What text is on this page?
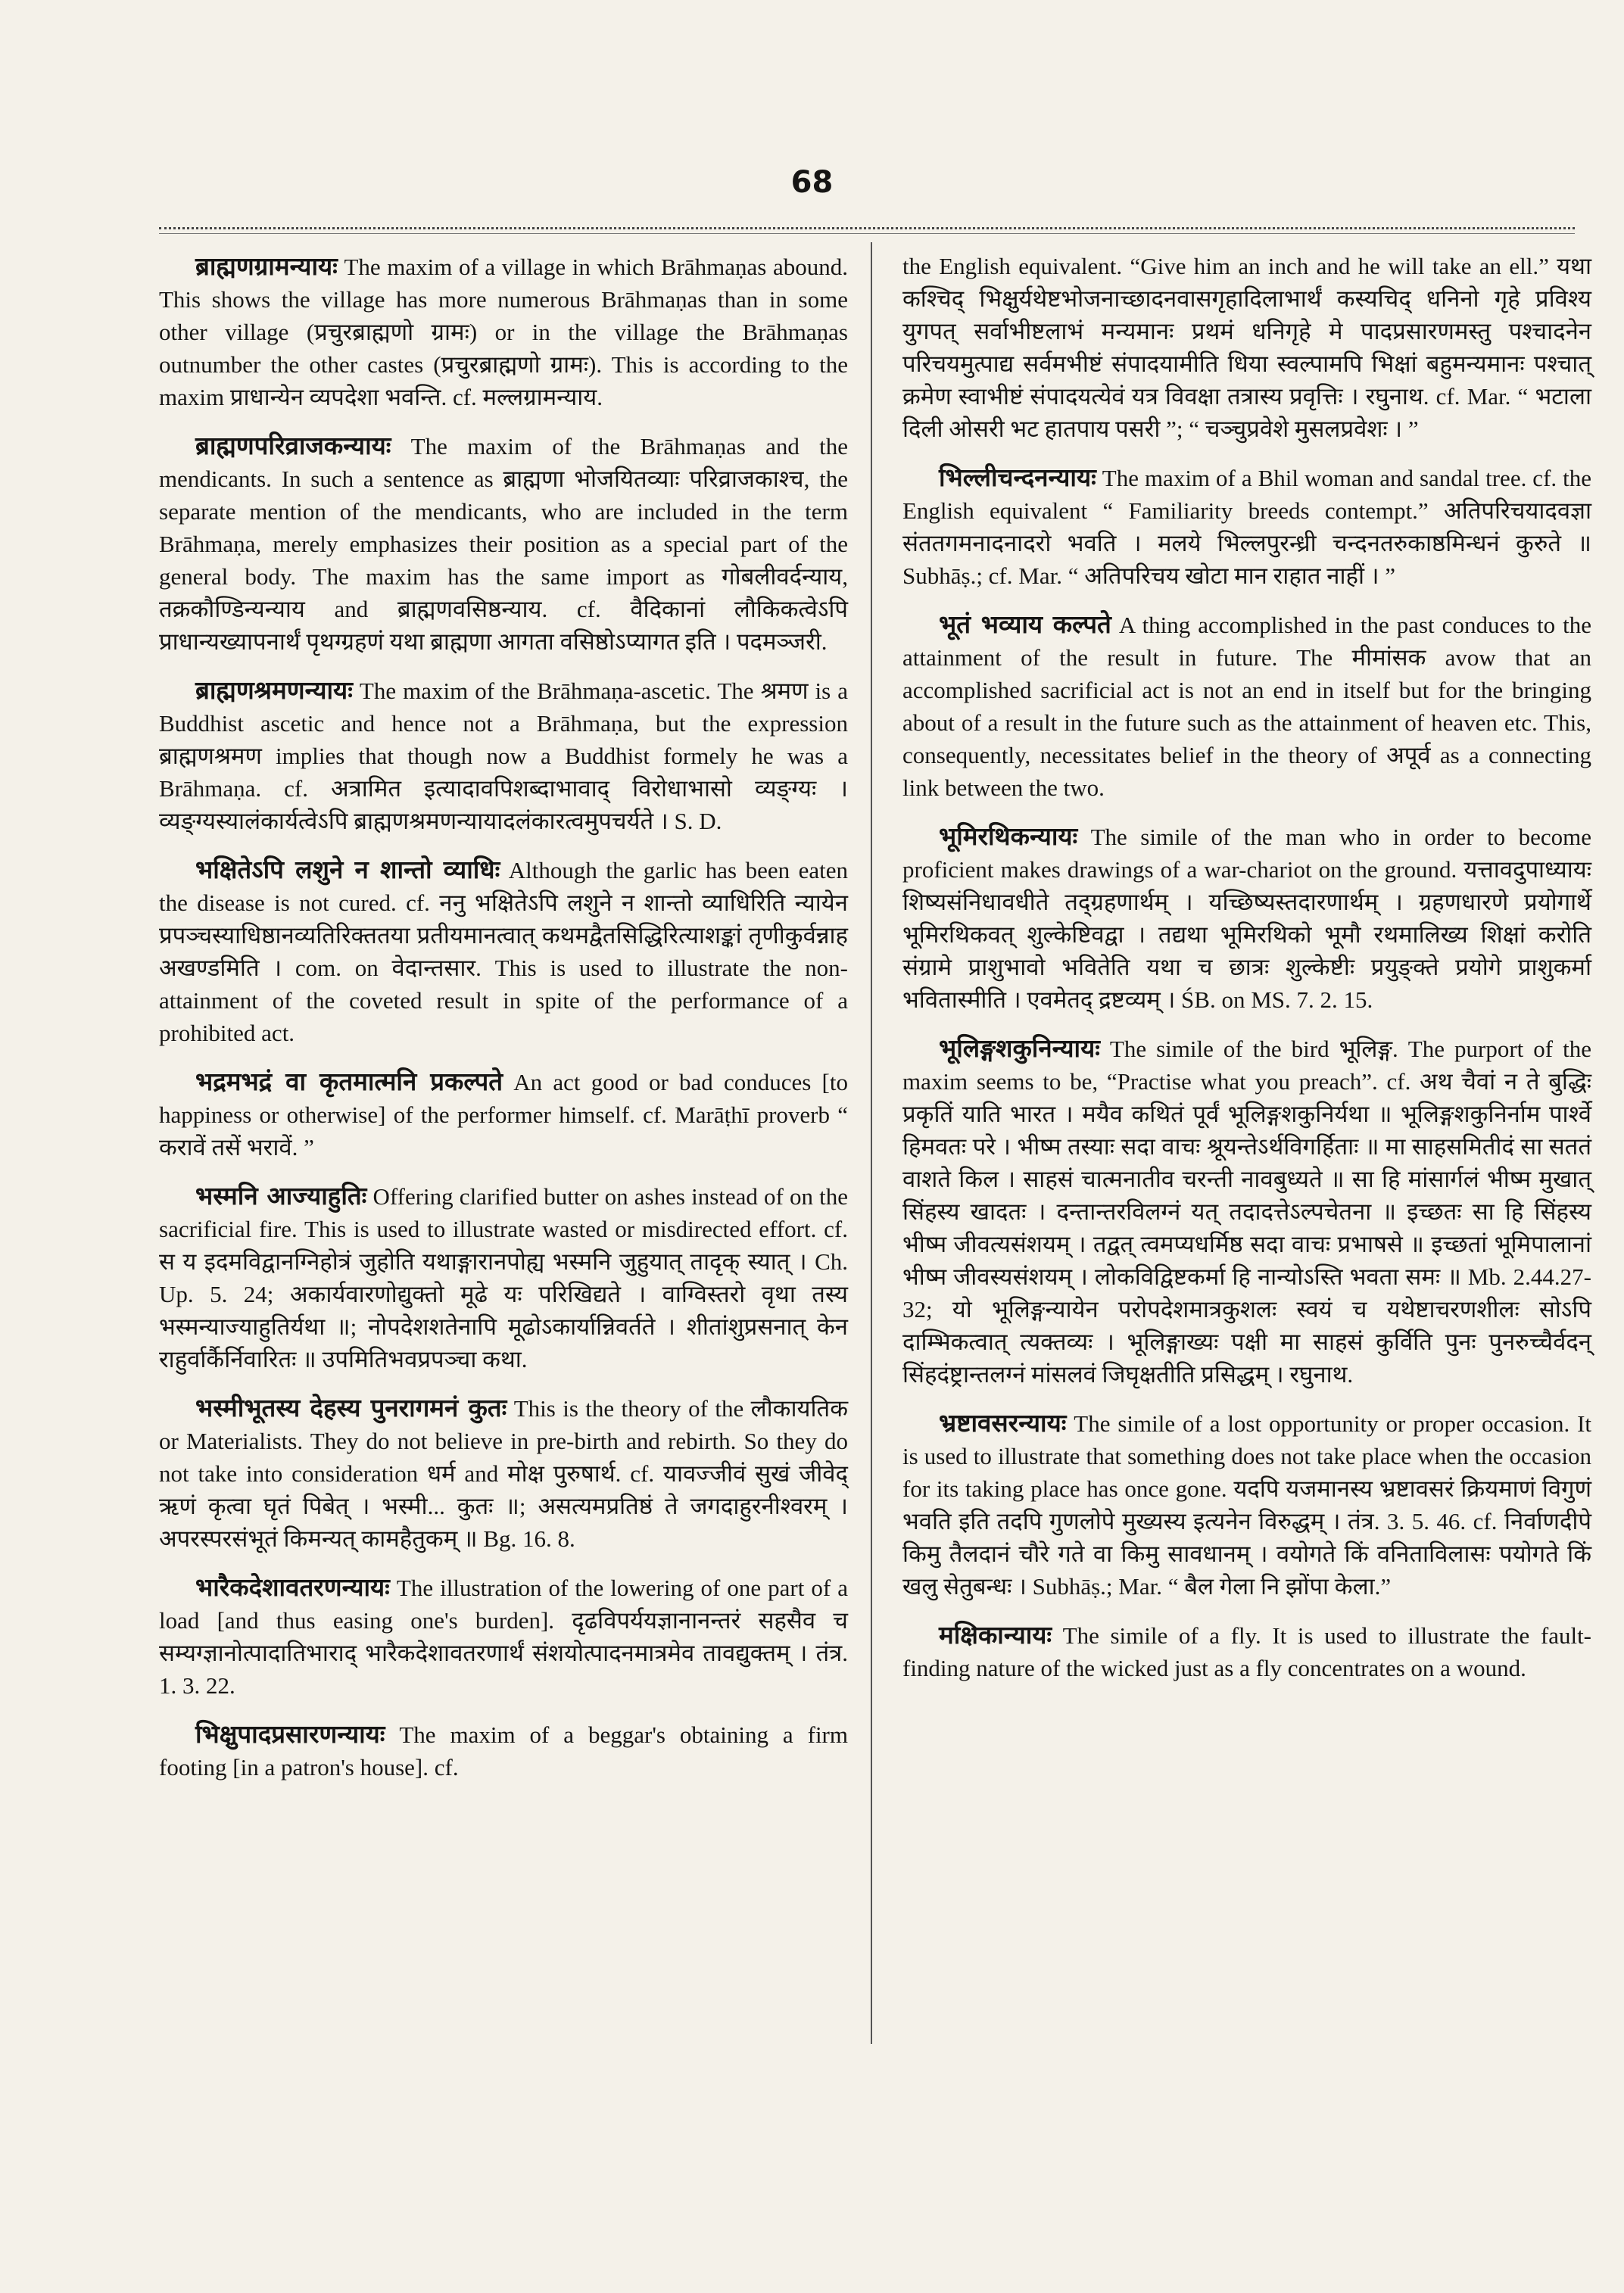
68

ब्राह्मणग्रामन्यायः The maxim of a village in which Brāhmaṇas abound. This shows the village has more numerous Brāhmaṇas than in some other village (प्रचुरब्राह्मणो ग्रामः) or in the village the Brāhmaṇas outnumber the other castes (प्रचुरब्राह्मणो ग्रामः). This is according to the maxim प्राधान्येन व्यपदेशा भवन्ति. cf. मल्लग्रामन्याय.

ब्राह्मणपरिव्राजकन्यायः The maxim of the Brāhmaṇas and the mendicants. In such a sentence as ब्राह्मणा भोजयितव्याः परिव्राजकाश्च, the separate mention of the mendicants, who are included in the term Brāhmaṇa, merely emphasizes their position as a special part of the general body. The maxim has the same import as गोबलीवर्दन्याय, तक्रकौण्डिन्यन्याय and ब्राह्मणवसिष्ठन्याय. cf. वैदिकानां लौकिकत्वेऽपि प्राधान्यख्यापनार्थं पृथग्ग्रहणं यथा ब्राह्मणा आगता वसिष्ठोऽप्यागत इति । पदमञ्जरी.

ब्राह्मणश्रमणन्यायः The maxim of the Brāhmaṇa-ascetic. The श्रमण is a Buddhist ascetic and hence not a Brāhmaṇa, but the expression ब्राह्मणश्रमण implies that though now a Buddhist formely he was a Brāhmaṇa. cf. अत्रामित इत्यादावपिशब्दाभावाद् विरोधाभासो व्यङ्ग्यः । व्यङ्ग्यस्यालंकार्यत्वेऽपि ब्राह्मणश्रमणन्यायादलंकारत्वमुपचर्यते । S. D.

भक्षितेऽपि लशुने न शान्तो व्याधिः Although the garlic has been eaten the disease is not cured. cf. ननु भक्षितेऽपि लशुने न शान्तो व्याधिरिति न्यायेन प्रपञ्चस्याधिष्ठानव्यतिरिक्ततया प्रतीयमानत्वात् कथमद्वैतसिद्धिरित्याशङ्कां तृणीकुर्वन्नाह अखण्डमिति । com. on वेदान्तसार. This is used to illustrate the non-attainment of the coveted result in spite of the performance of a prohibited act.

भद्रमभद्रं वा कृतमात्मनि प्रकल्पते An act good or bad conduces [to happiness or otherwise] of the performer himself. cf. Marāṭhī proverb “ करावें तसें भरावें. ”

भस्मनि आज्याहुतिः Offering clarified butter on ashes instead of on the sacrificial fire. This is used to illustrate wasted or misdirected effort. cf. स य इदमविद्वानग्निहोत्रं जुहोति यथाङ्गारानपोह्य भस्मनि जुहुयात् तादृक् स्यात् । Ch. Up. 5. 24; अकार्यवारणोद्युक्तो मूढे यः परिखिद्यते । वाग्विस्तरो वृथा तस्य भस्मन्याज्याहुतिर्यथा ॥; नोपदेशशतेनापि मूढोऽकार्यान्निवर्तते । शीतांशुप्रसनात् केन राहुर्वार्कैर्निवारितः ॥ उपमितिभवप्रपञ्चा कथा.

भस्मीभूतस्य देहस्य पुनरागमनं कुतः This is the theory of the लौकायतिक or Materialists. They do not believe in pre-birth and rebirth. So they do not take into consideration धर्म and मोक्ष पुरुषार्थ. cf. यावज्जीवं सुखं जीवेद् ऋणं कृत्वा घृतं पिबेत् । भस्मी... कुतः ॥; असत्यमप्रतिष्ठं ते जगदाहुरनीश्वरम् । अपरस्परसंभूतं किमन्यत् कामहैतुकम् ॥ Bg. 16. 8.

भारैकदेशावतरणन्यायः The illustration of the lowering of one part of a load [and thus easing one's burden]. दृढविपर्ययज्ञानानन्तरं सहसैव च सम्यग्ज्ञानोत्पादातिभाराद् भारैकदेशावतरणार्थं संशयोत्पादनमात्रमेव तावद्युक्तम् । तंत्र. 1. 3. 22.

भिक्षुपादप्रसारणन्यायः The maxim of a beggar's obtaining a firm footing [in a patron's house]. cf.

the English equivalent. “Give him an inch and he will take an ell.” यथा कश्चिद् भिक्षुर्यथेष्टभोजनाच्छादनवासगृहादिलाभार्थं कस्यचिद् धनिनो गृहे प्रविश्य युगपत् सर्वाभीष्टलाभं मन्यमानः प्रथमं धनिगृहे मे पादप्रसारणमस्तु पश्चादनेन परिचयमुत्पाद्य सर्वमभीष्टं संपादयामीति धिया स्वल्पामपि भिक्षां बहुमन्यमानः पश्चात् क्रमेण स्वाभीष्टं संपादयत्येवं यत्र विवक्षा तत्रास्य प्रवृत्तिः । रघुनाथ. cf. Mar. “ भटाला दिली ओसरी भट हातपाय पसरी ”; “ चञ्चुप्रवेशे मुसलप्रवेशः । ”

भिल्लीचन्दनन्यायः The maxim of a Bhil woman and sandal tree. cf. the English equivalent “ Familiarity breeds contempt.” अतिपरिचयादवज्ञा संततगमनादनादरो भवति । मलये भिल्लपुरन्ध्री चन्दनतरुकाष्ठमिन्धनं कुरुते ॥ Subhāṣ.; cf. Mar. “ अतिपरिचय खोटा मान राहात नाहीं । ”

भूतं भव्याय कल्पते A thing accomplished in the past conduces to the attainment of the result in future. The मीमांसक avow that an accomplished sacrificial act is not an end in itself but for the bringing about of a result in the future such as the attainment of heaven etc. This, consequently, necessitates belief in the theory of अपूर्व as a connecting link between the two.

भूमिरथिकन्यायः The simile of the man who in order to become proficient makes drawings of a war-chariot on the ground. यत्तावदुपाध्यायः शिष्यसंनिधावधीते तद्ग्रहणार्थम् । यच्छिष्यस्तदारणार्थम् । ग्रहणधारणे प्रयोगार्थे भूमिरथिकवत् शुल्केष्टिवद्वा । तद्यथा भूमिरथिको भूमौ रथमालिख्य शिक्षां करोति संग्रामे प्राशुभावो भवितेति यथा च छात्रः शुल्केष्टीः प्रयुङ्क्ते प्रयोगे प्राशुकर्मा भवितास्मीति । एवमेतद् द्रष्टव्यम् । ŚB. on MS. 7. 2. 15.

भूलिङ्गशकुनिन्यायः The simile of the bird भूलिङ्ग. The purport of the maxim seems to be, “Practise what you preach”. cf. अथ चैवां न ते बुद्धिः प्रकृतिं याति भारत । मयैव कथितं पूर्वं भूलिङ्गशकुनिर्यथा ॥ भूलिङ्गशकुनिर्नाम पार्श्वे हिमवतः परे । भीष्म तस्याः सदा वाचः श्रूयन्तेऽर्थविगर्हिताः ॥ मा साहसमितीदं सा सततं वाशते किल । साहसं चात्मनातीव चरन्ती नावबुध्यते ॥ सा हि मांसार्गलं भीष्म मुखात् सिंहस्य खादतः । दन्तान्तरविलग्नं यत् तदादत्तेऽल्पचेतना ॥ इच्छतः सा हि सिंहस्य भीष्म जीवत्यसंशयम् । तद्वत् त्वमप्यधर्मिष्ठ सदा वाचः प्रभाषसे ॥ इच्छतां भूमिपालानां भीष्म जीवस्यसंशयम् । लोकविद्विष्टकर्मा हि नान्योऽस्ति भवता समः ॥ Mb. 2.44.27-32; यो भूलिङ्गन्यायेन परोपदेशमात्रकुशलः स्वयं च यथेष्टाचरणशीलः सोऽपि दाम्भिकत्वात् त्यक्तव्यः । भूलिङ्गाख्यः पक्षी मा साहसं कुर्विति पुनः पुनरुच्चैर्वदन् सिंहदंष्ट्रान्तलग्नं मांसलवं जिघृक्षतीति प्रसिद्धम् । रघुनाथ.

भ्रष्टावसरन्यायः The simile of a lost opportunity or proper occasion. It is used to illustrate that something does not take place when the occasion for its taking place has once gone. यदपि यजमानस्य भ्रष्टावसरं क्रियमाणं विगुणं भवति इति तदपि गुणलोपे मुख्यस्य इत्यनेन विरुद्धम् । तंत्र. 3. 5. 46. cf. निर्वाणदीपे किमु तैलदानं चौरे गते वा किमु सावधानम् । वयोगते किं वनिताविलासः पयोगते किं खलु सेतुबन्धः । Subhāṣ.; Mar. “ बैल गेला नि झोंपा केला.”

मक्षिकान्यायः The simile of a fly. It is used to illustrate the fault-finding nature of the wicked just as a fly concentrates on a wound.
